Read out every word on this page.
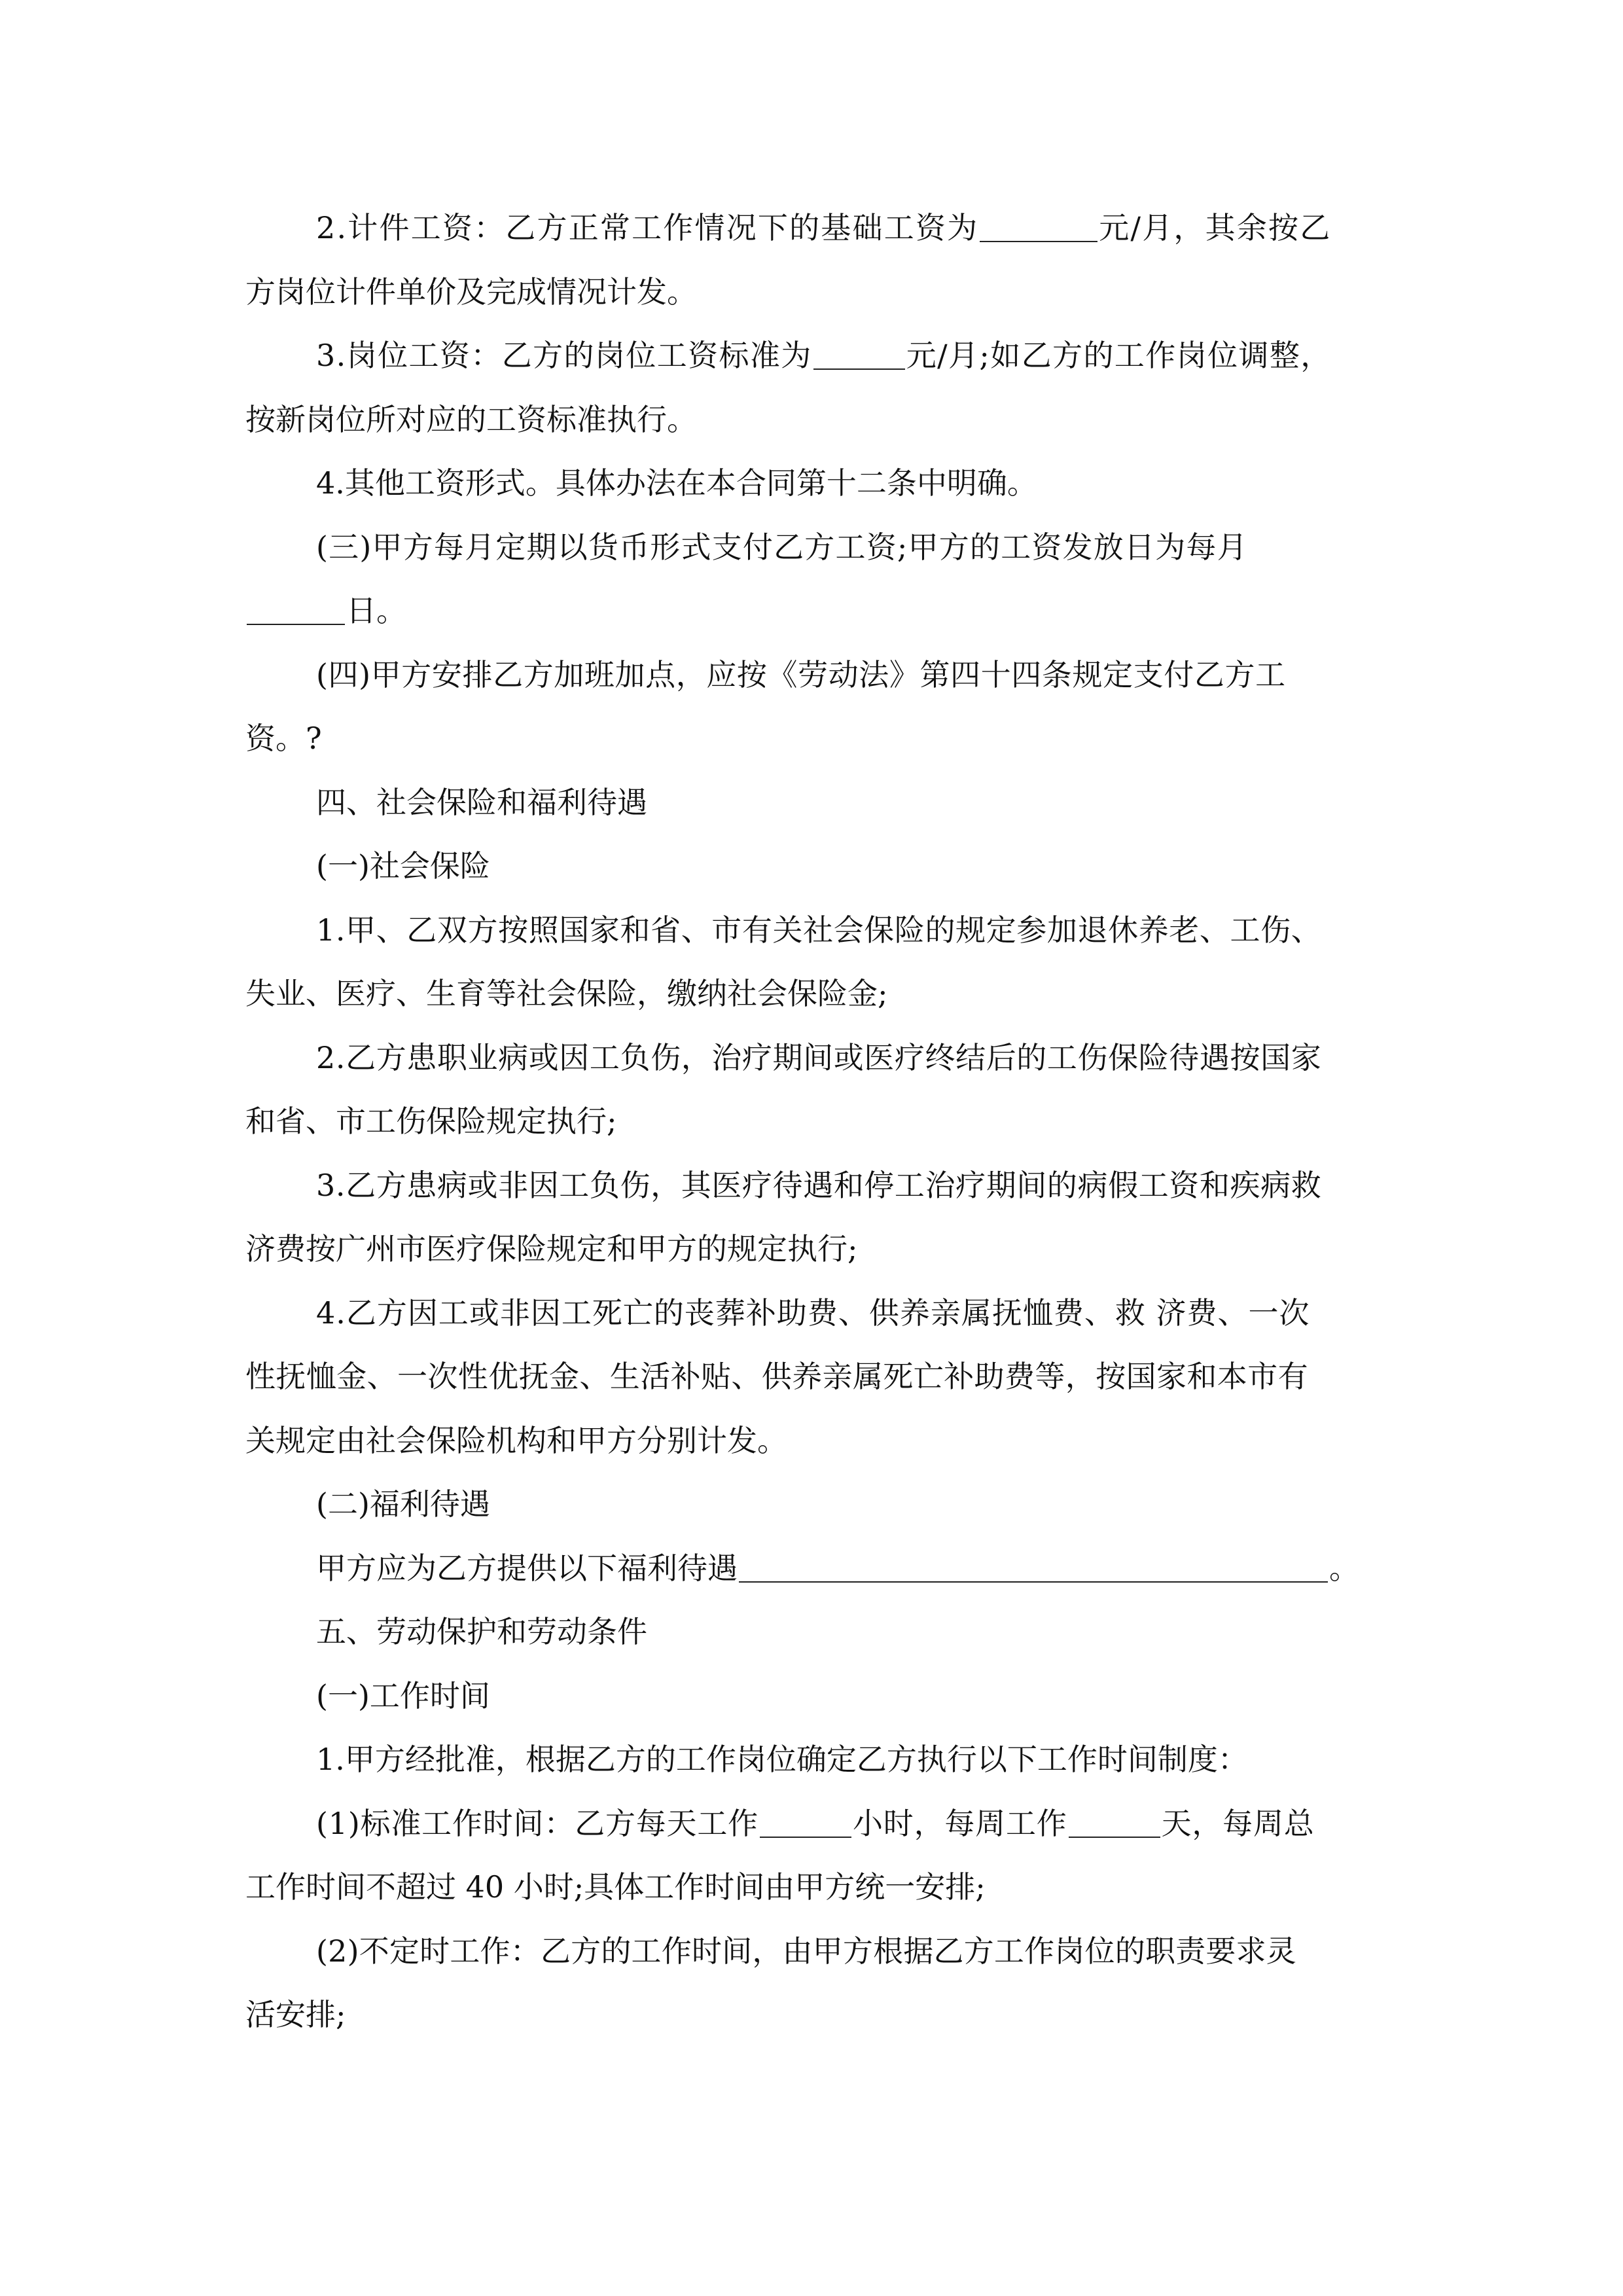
2.计件工资：乙方正常工作情况下的基础工资为	元/月，其余按乙
方岗位计件单价及完成情况计发。
3.岗位工资：乙方的岗位工资标准为	元/月;如乙方的工作岗位调整，
按新岗位所对应的工资标准执行。
4.其他工资形式。具体办法在本合同第十二条中明确。
(三)甲方每月定期以货币形式支付乙方工资;甲方的工资发放日为每月
日。
(四)甲方安排乙方加班加点，应按《劳动法》第四十四条规定支付乙方工
资。?
四、社会保险和福利待遇
(一)社会保险
1.甲、乙双方按照国家和省、市有关社会保险的规定参加退休养老、工伤、
失业、医疗、生育等社会保险，缴纳社会保险金;
2.乙方患职业病或因工负伤，治疗期间或医疗终结后的工伤保险待遇按国家
和省、市工伤保险规定执行;
3.乙方患病或非因工负伤，其医疗待遇和停工治疗期间的病假工资和疾病救
济费按广州市医疗保险规定和甲方的规定执行;
4.乙方因工或非因工死亡的丧葬补助费、供养亲属抚恤费、救 济费、一次
性抚恤金、一次性优抚金、生活补贴、供养亲属死亡补助费等，按国家和本市有
关规定由社会保险机构和甲方分别计发。
(二)福利待遇
甲方应为乙方提供以下福利待遇	。
五、劳动保护和劳动条件
(一)工作时间
1.甲方经批准，根据乙方的工作岗位确定乙方执行以下工作时间制度：
(1)标准工作时间：乙方每天工作	小时，每周工作	天，每周总
工作时间不超过 40 小时;具体工作时间由甲方统一安排;
(2)不定时工作：乙方的工作时间，由甲方根据乙方工作岗位的职责要求灵
活安排;
